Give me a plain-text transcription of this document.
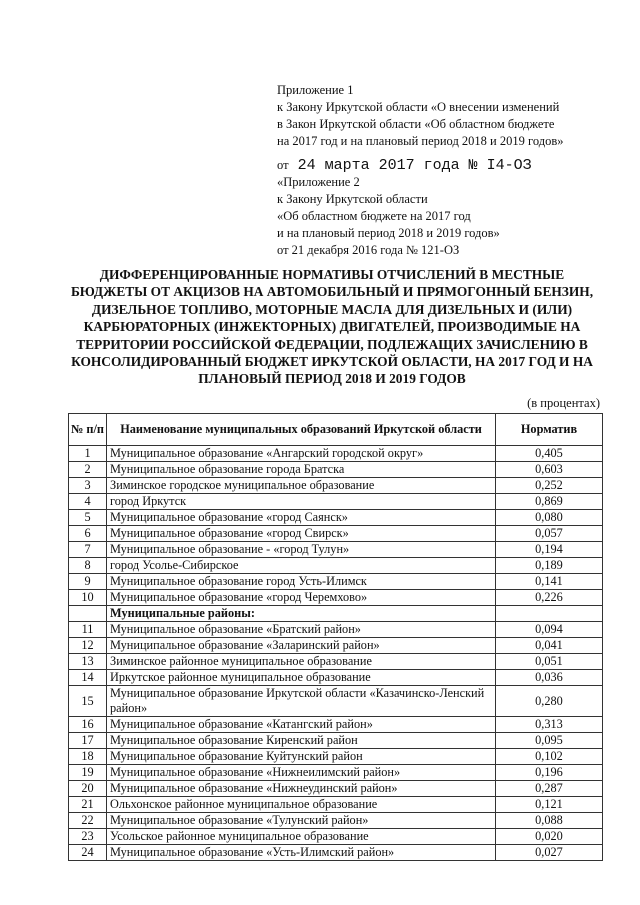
Приложение 1
к Закону Иркутской области «О внесении изменений
в Закон Иркутской области «Об областном бюджете
на 2017 год и на плановый период 2018 и 2019 годов»
от 24 марта 2017 года № I4-ОЗ
«Приложение 2
к Закону Иркутской области
«Об областном бюджете на 2017 год
и на плановый период 2018 и 2019 годов»
от 21 декабря 2016 года № 121-ОЗ
ДИФФЕРЕНЦИРОВАННЫЕ НОРМАТИВЫ ОТЧИСЛЕНИЙ В МЕСТНЫЕ БЮДЖЕТЫ ОТ АКЦИЗОВ НА АВТОМОБИЛЬНЫЙ И ПРЯМОГОННЫЙ БЕНЗИН, ДИЗЕЛЬНОЕ ТОПЛИВО, МОТОРНЫЕ МАСЛА ДЛЯ ДИЗЕЛЬНЫХ И (ИЛИ) КАРБЮРАТОРНЫХ (ИНЖЕКТОРНЫХ) ДВИГАТЕЛЕЙ, ПРОИЗВОДИМЫЕ НА ТЕРРИТОРИИ РОССИЙСКОЙ ФЕДЕРАЦИИ, ПОДЛЕЖАЩИХ ЗАЧИСЛЕНИЮ В КОНСОЛИДИРОВАННЫЙ БЮДЖЕТ ИРКУТСКОЙ ОБЛАСТИ, НА 2017 ГОД И НА ПЛАНОВЫЙ ПЕРИОД 2018 И 2019 ГОДОВ
(в процентах)
№ п/п	Наименование муниципальных образований Иркутской области	Норматив
1	Муниципальное образование «Ангарский городской округ»	0,405
2	Муниципальное образование города Братска	0,603
3	Зиминское городское муниципальное образование	0,252
4	город Иркутск	0,869
5	Муниципальное образование «город Саянск»	0,080
6	Муниципальное образование «город Свирск»	0,057
7	Муниципальное образование - «город Тулун»	0,194
8	город Усолье-Сибирское	0,189
9	Муниципальное образование город Усть-Илимск	0,141
10	Муниципальное образование «город Черемхово»	0,226
	Муниципальные районы:	
11	Муниципальное образование «Братский район»	0,094
12	Муниципальное образование «Заларинский район»	0,041
13	Зиминское районное муниципальное образование	0,051
14	Иркутское районное муниципальное образование	0,036
15	Муниципальное образование Иркутской области «Казачинско-Ленский район»	0,280
16	Муниципальное образование «Катангский район»	0,313
17	Муниципальное образование Киренский район	0,095
18	Муниципальное образование Куйтунский район	0,102
19	Муниципальное образование «Нижнеилимский район»	0,196
20	Муниципальное образование «Нижнеудинский район»	0,287
21	Ольхонское районное муниципальное образование	0,121
22	Муниципальное образование «Тулунский район»	0,088
23	Усольское районное муниципальное образование	0,020
24	Муниципальное образование «Усть-Илимский район»	0,027
